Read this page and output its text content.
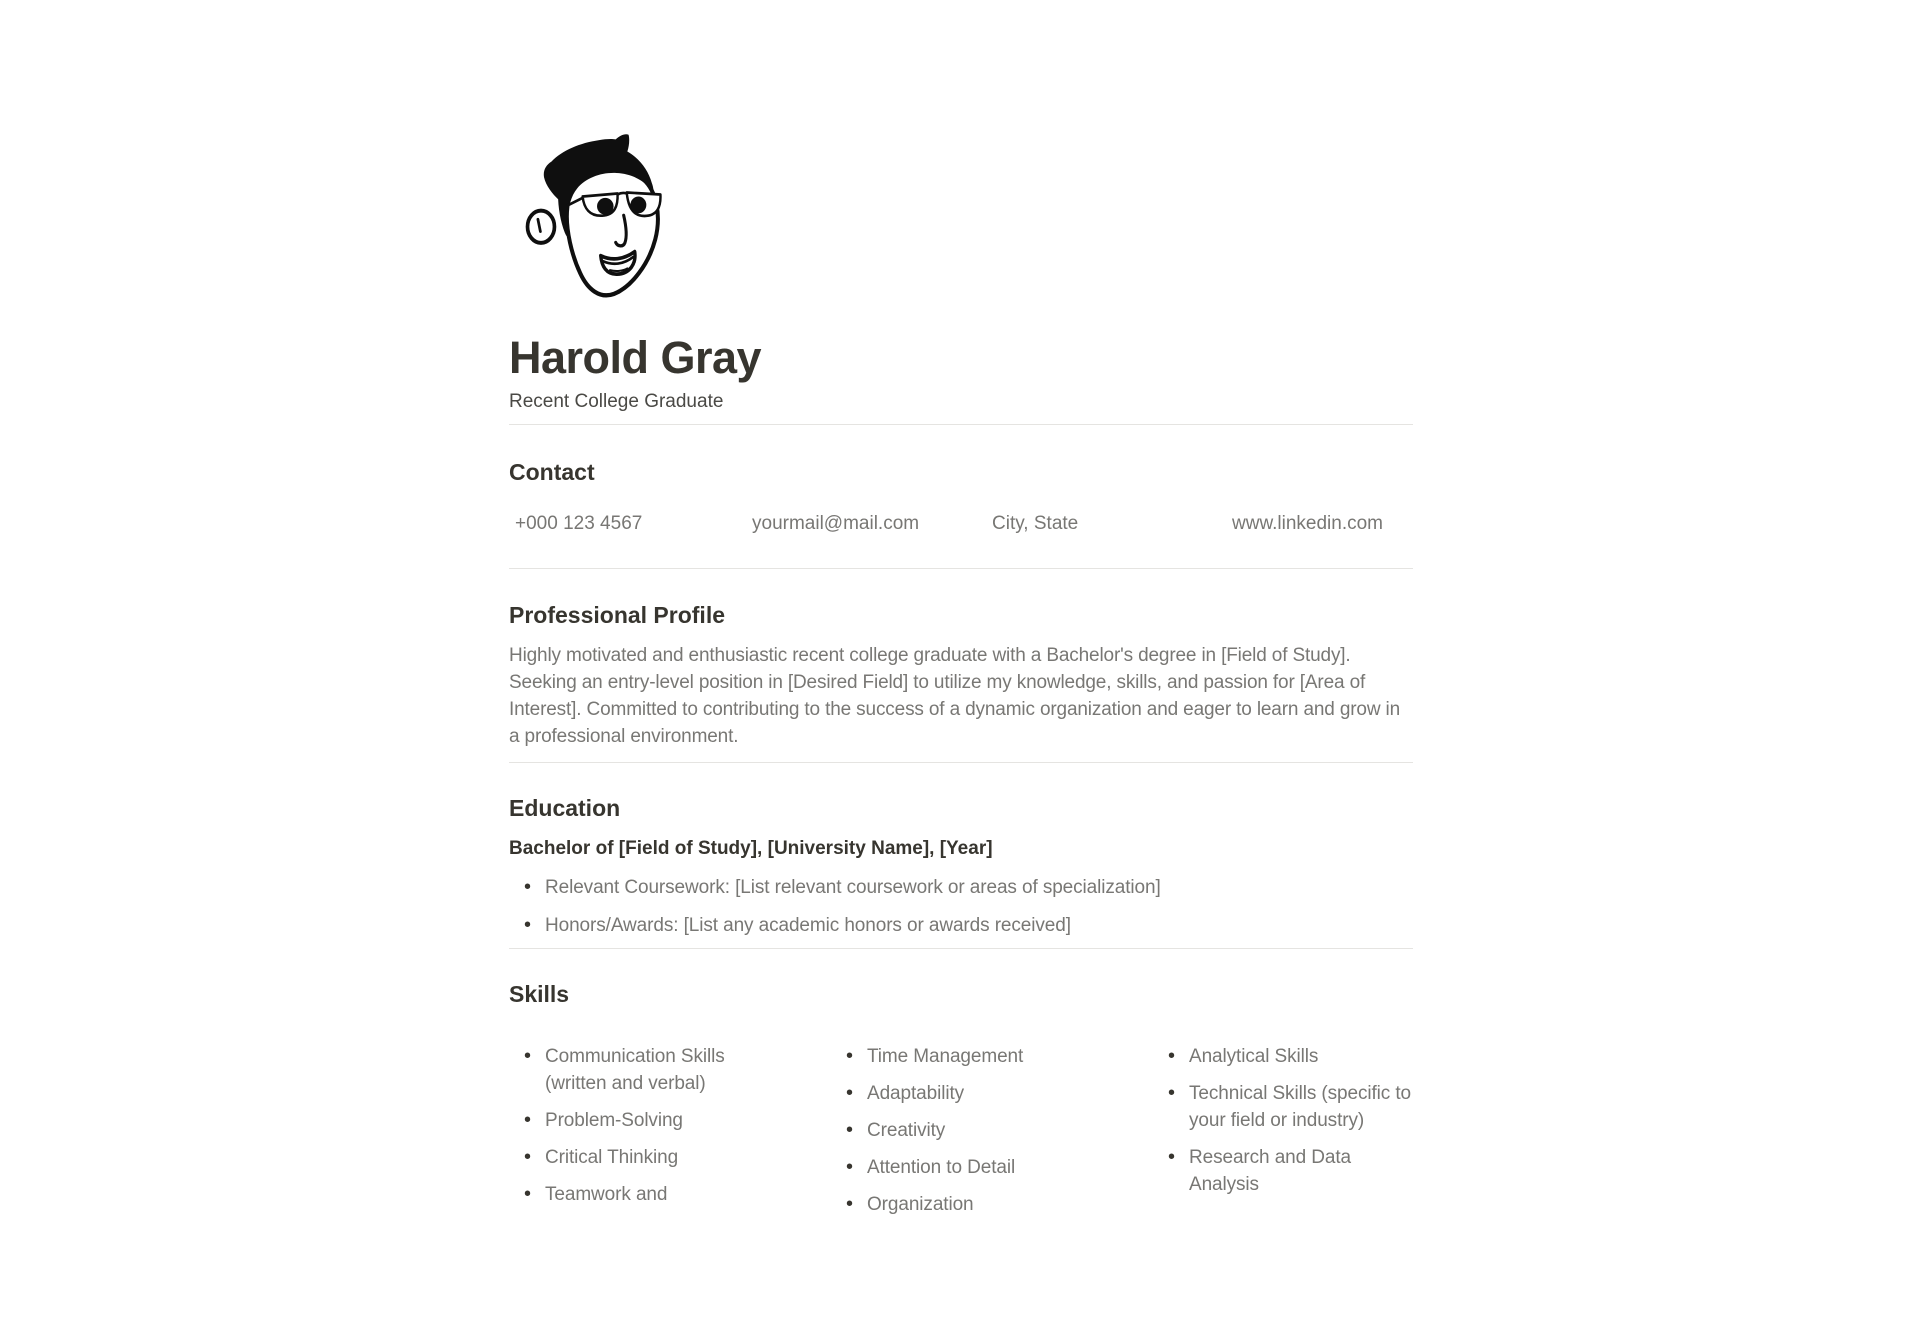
Harold Gray
Recent College Graduate
Contact
+000 123 4567	yourmail@mail.com	City, State	www.linkedin.com
Professional Profile

Highly motivated and enthusiastic recent college graduate with a Bachelor's degree in [Field of Study]. Seeking an entry-level position in [Desired Field] to utilize my knowledge, skills, and passion for [Area of Interest]. Committed to contributing to the success of a dynamic organization and eager to learn and grow in a professional environment.

Education
Bachelor of [Field of Study], [University Name], [Year]
• Relevant Coursework: [List relevant coursework or areas of specialization]
• Honors/Awards: [List any academic honors or awards received]
Skills
• Communication Skills (written and verbal)
• Problem-Solving
• Critical Thinking
• Teamwork and
• Time Management
• Adaptability
• Creativity
• Attention to Detail
• Organization
• Analytical Skills
• Technical Skills (specific to your field or industry)
• Research and Data Analysis
